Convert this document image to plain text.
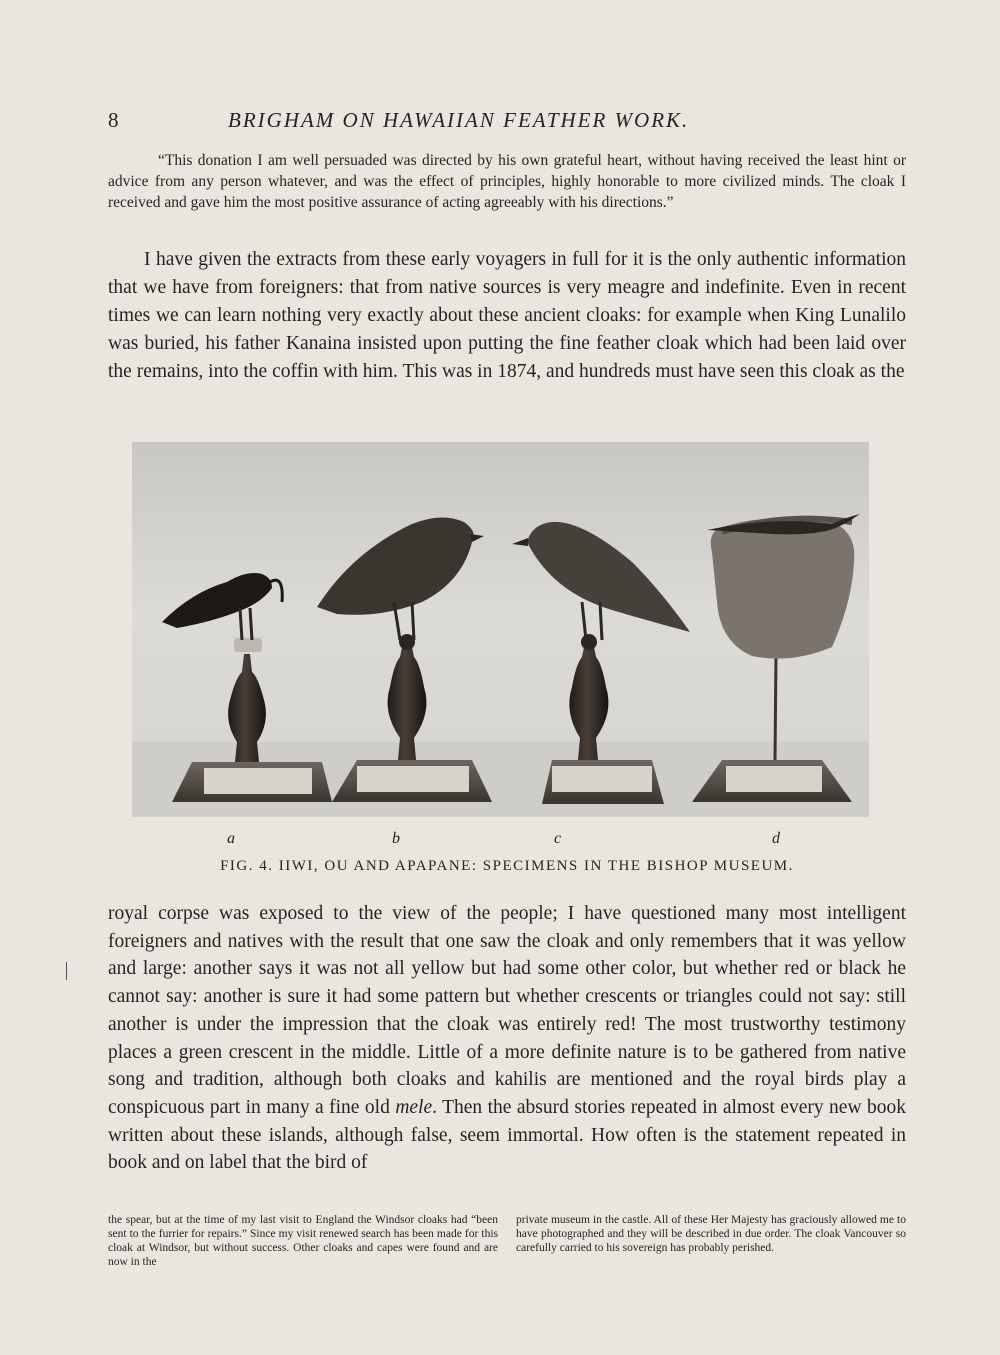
8	BRIGHAM ON HAWAIIAN FEATHER WORK.

“This donation I am well persuaded was directed by his own grateful heart, without having received the least hint or advice from any person whatever, and was the effect of principles, highly honorable to more civilized minds. The cloak I received and gave him the most positive assurance of acting agreeably with his directions.”

I have given the extracts from these early voyagers in full for it is the only authentic information that we have from foreigners: that from native sources is very meagre and indefinite. Even in recent times we can learn nothing very exactly about these ancient cloaks: for example when King Lunalilo was buried, his father Kanaina insisted upon putting the fine feather cloak which had been laid over the remains, into the coffin with him. This was in 1874, and hundreds must have seen this cloak as the

a	b	c	d
FIG. 4. IIWI, OU AND APAPANE: SPECIMENS IN THE BISHOP MUSEUM.

royal corpse was exposed to the view of the people; I have questioned many most intelligent foreigners and natives with the result that one saw the cloak and only remembers that it was yellow and large: another says it was not all yellow but had some other color, but whether red or black he cannot say: another is sure it had some pattern but whether crescents or triangles could not say: still another is under the impression that the cloak was entirely red! The most trustworthy testimony places a green crescent in the middle. Little of a more definite nature is to be gathered from native song and tradition, although both cloaks and kahilis are mentioned and the royal birds play a conspicuous part in many a fine old mele. Then the absurd stories repeated in almost every new book written about these islands, although false, seem immortal. How often is the statement repeated in book and on label that the bird of

the spear, but at the time of my last visit to England the Windsor cloaks had “been sent to the furrier for repairs.” Since my visit renewed search has been made for this cloak at Windsor, but without success. Other cloaks and capes were found and are now in the
private museum in the castle. All of these Her Majesty has graciously allowed me to have photographed and they will be described in due order. The cloak Vancouver so carefully carried to his sovereign has probably perished.
